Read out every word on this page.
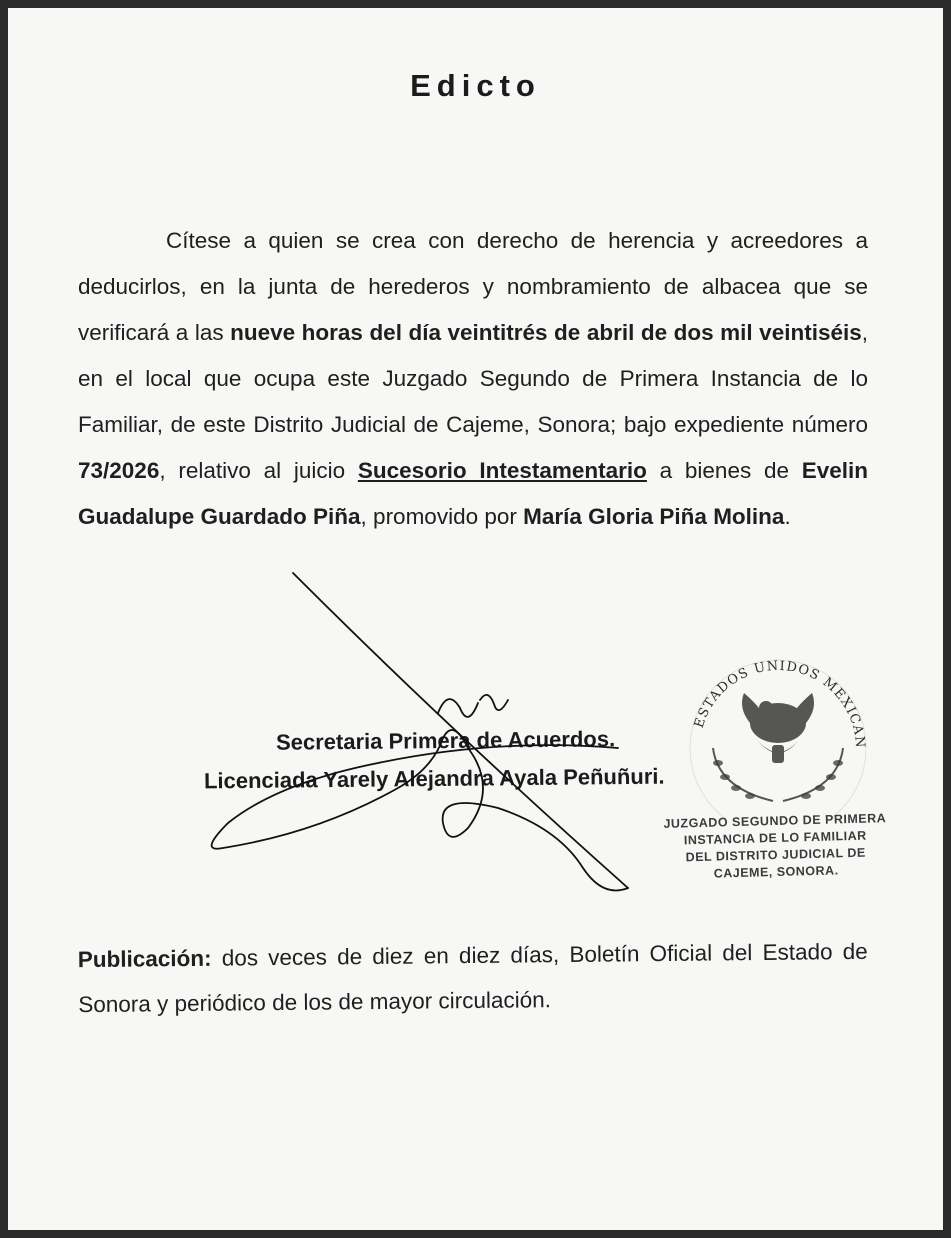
Edicto

Cítese a quien se crea con derecho de herencia y acreedores a deducirlos, en la junta de herederos y nombramiento de albacea que se verificará a las nueve horas del día veintitrés de abril de dos mil veintiséis, en el local que ocupa este Juzgado Segundo de Primera Instancia de lo Familiar, de este Distrito Judicial de Cajeme, Sonora; bajo expediente número 73/2026, relativo al juicio Sucesorio Intestamentario a bienes de Evelin Guadalupe Guardado Piña, promovido por María Gloria Piña Molina.

ESTADOS UNIDOS MEXICAN
JUZGADO SEGUNDO DE PRIMERA
INSTANCIA DE LO FAMILIAR
DEL DISTRITO JUDICIAL DE
CAJEME, SONORA.
Secretaria Primera de Acuerdos.
Licenciada Yarely Alejandra Ayala Peñuñuri.
Publicación: dos veces de diez en diez días, Boletín Oficial del Estado de Sonora y periódico de los de mayor circulación.
